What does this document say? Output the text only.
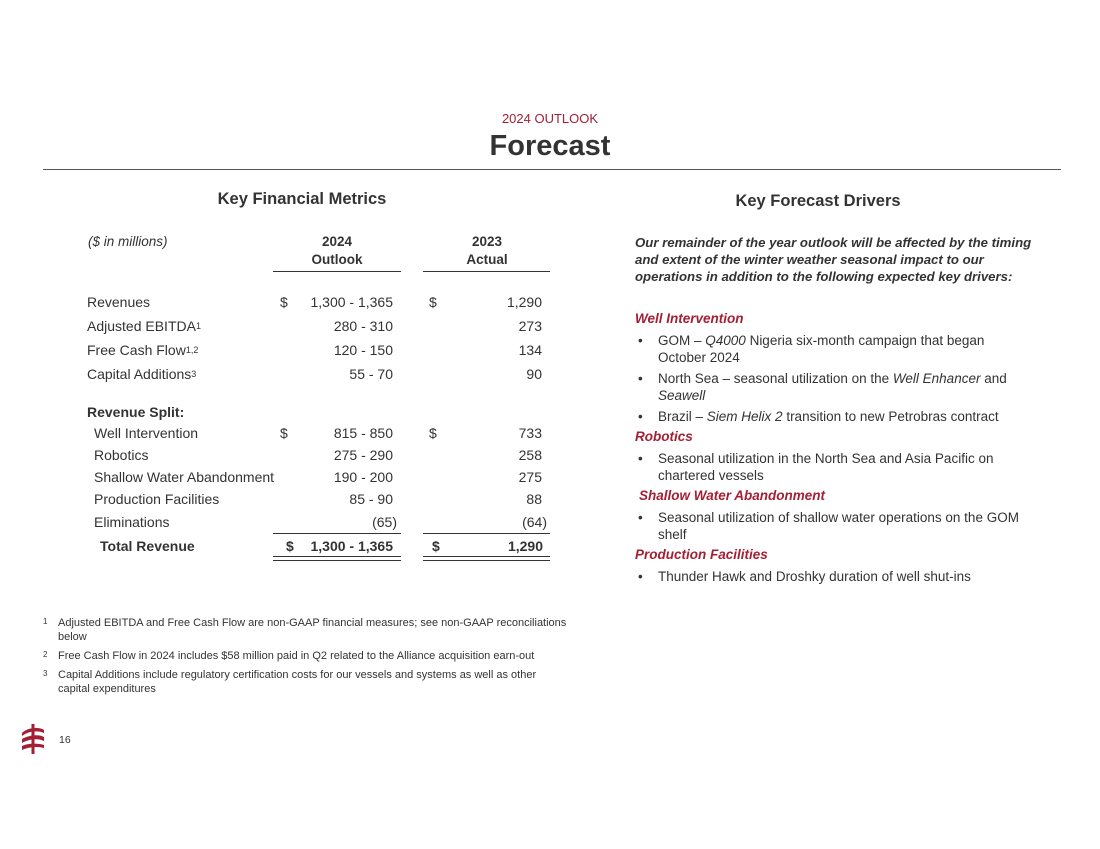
2024 OUTLOOK
Forecast
Key Financial Metrics
($ in millions)	2024
Outlook
2023
Actual
Revenues	$ 1,300 - 1,365	$	1,290
Adjusted EBITDA$^1$	280 - 310	273
Free Cash Flow$^{1,2}$	120 - 150	134
Capital Additions$^3$	55 - 70	90
Revenue Split:
Well Intervention	$	815 - 850	$	733
Robotics	275 - 290	258
Shallow Water Abandonment	190 - 200	275
Production Facilities	85 - 90	88
Eliminations	(65)	(64)
Total Revenue	$ 1,300 - 1,365	$	1,290
Key Forecast Drivers
Our remainder of the year outlook will be affected by the timing and extent of the winter weather seasonal impact to our operations in addition to the following expected key drivers:
Well Intervention
• GOM – Q4000 Nigeria six-month campaign that began October 2024
• North Sea – seasonal utilization on the Well Enhancer and Seawell
• Brazil – Siem Helix 2 transition to new Petrobras contract
Robotics
• Seasonal utilization in the North Sea and Asia Pacific on chartered vessels
Shallow Water Abandonment
• Seasonal utilization of shallow water operations on the GOM shelf
Production Facilities
• Thunder Hawk and Droshky duration of well shut-ins
1 Adjusted EBITDA and Free Cash Flow are non-GAAP financial measures; see non-GAAP reconciliations below
2 Free Cash Flow in 2024 includes $58 million paid in Q2 related to the Alliance acquisition earn-out
3 Capital Additions include regulatory certification costs for our vessels and systems as well as other capital expenditures
16
